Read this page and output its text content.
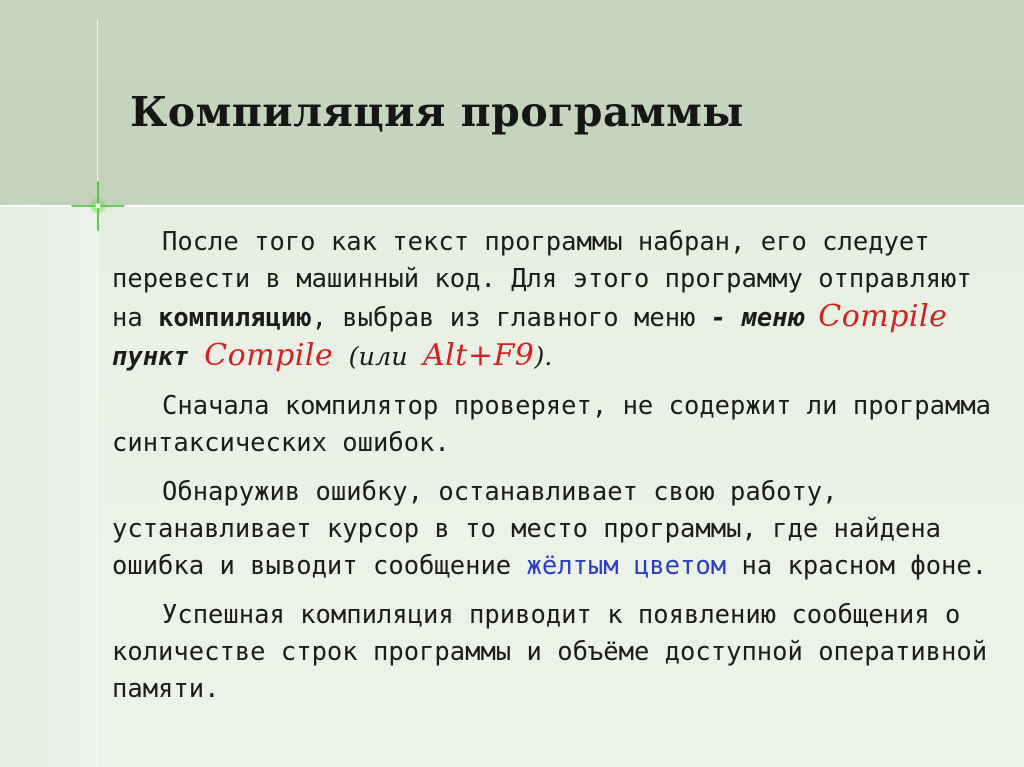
Компиляция программы

После того как текст программы набран, его следует перевести в машинный код. Для этого программу отправляют на компиляцию, выбрав из главного меню - меню Compile пункт Compile (или Alt+F9).

Сначала компилятор проверяет, не содержит ли программа синтаксических ошибок.

Обнаружив ошибку, останавливает свою работу, устанавливает курсор в то место программы, где найдена ошибка и выводит сообщение жёлтым цветом на красном фоне.

Успешная компиляция приводит к появлению сообщения о количестве строк программы и объёме доступной оперативной памяти.
